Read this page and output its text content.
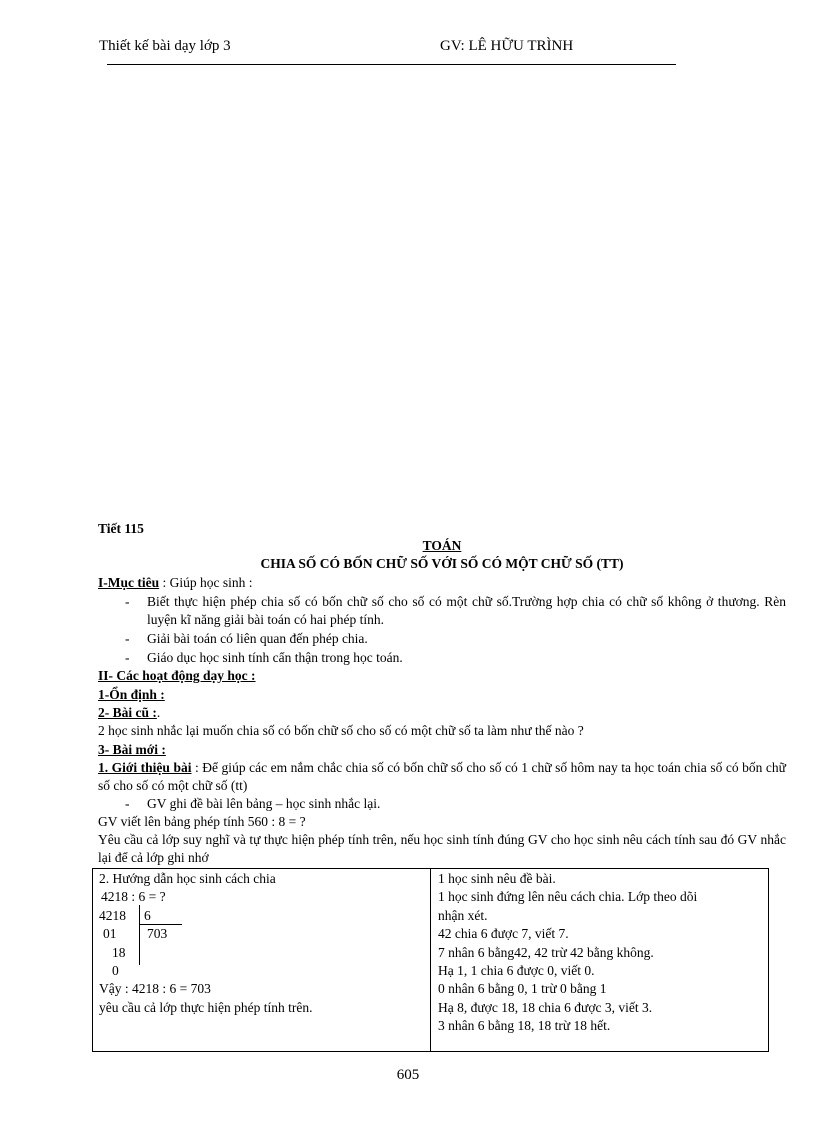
Thiết kế bài dạy lớp 3	GV: LÊ HỮU TRÌNH
Tiết 115
TOÁN
CHIA SỐ CÓ BỐN CHỮ SỐ VỚI SỐ CÓ MỘT CHỮ SỐ (TT)
I-Mục tiêu : Giúp học sinh :
- Biết thực hiện phép chia số có bốn chữ số cho số có một chữ số.Trường hợp chia có chữ số không ở thương. Rèn luyện kĩ năng giải bài toán có hai phép tính.
- Giải bài toán có liên quan đến phép chia.
- Giáo dục học sinh tính cẩn thận trong học toán.
II- Các hoạt động dạy học :
1-Ổn định :
2- Bài cũ :.
2 học sinh nhắc lại muốn chia số có bốn chữ số cho số có một chữ số ta làm như thế nào ?
3- Bài mới :
1. Giới thiệu bài : Để giúp các em nắm chắc chia số có bốn chữ số cho số có 1 chữ số hôm nay ta học toán chia số có bốn chữ số cho số có một chữ số (tt)
- GV ghi đề bài lên bảng – học sinh nhắc lại.
GV viết lên bảng phép tính 560 : 8 = ?
Yêu cầu cả lớp suy nghĩ và tự thực hiện phép tính trên, nếu học sinh tính đúng GV cho học sinh nêu cách tính sau đó GV nhắc lại để cả lớp ghi nhớ
2. Hướng dẫn học sinh cách chia
4218 : 6 = ?
4218 6
01 703
18
0
Vậy : 4218 : 6 = 703
yêu cầu cả lớp thực hiện phép tính trên.

1 học sinh nêu đề bài.
1 học sinh đứng lên nêu cách chia. Lớp theo dõi
nhận xét.
42 chia 6 được 7, viết 7.
7 nhân 6 bằng42, 42 trừ 42 bằng không.
Hạ 1, 1 chia 6 được 0, viết 0.
0 nhân 6 bằng 0, 1 trừ 0 bằng 1
Hạ 8, được 18, 18 chia 6 được 3, viết 3.
3 nhân 6 bằng 18, 18 trừ 18 hết.
605
